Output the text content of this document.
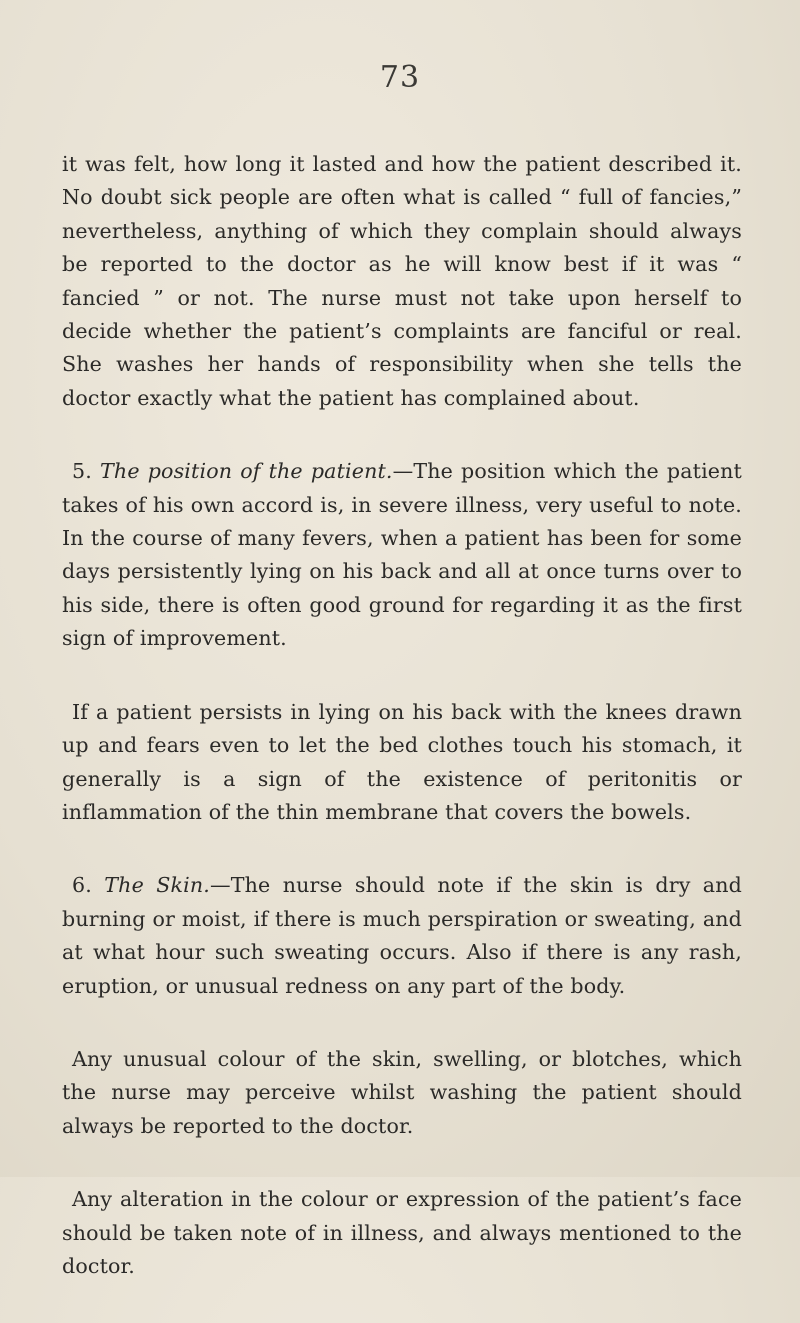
73

it was felt, how long it lasted and how the patient described it. No doubt sick people are often what is called “ full of fancies,” nevertheless, anything of which they complain should always be reported to the doctor as he will know best if it was “ fancied ” or not. The nurse must not take upon herself to decide whether the patient’s complaints are fanciful or real. She washes her hands of responsibility when she tells the doctor exactly what the patient has complained about.

5. The position of the patient.—The position which the patient takes of his own accord is, in severe illness, very useful to note. In the course of many fevers, when a patient has been for some days persistently lying on his back and all at once turns over to his side, there is often good ground for regarding it as the first sign of improvement.

If a patient persists in lying on his back with the knees drawn up and fears even to let the bed clothes touch his stomach, it generally is a sign of the existence of peritonitis or inflammation of the thin membrane that covers the bowels.

6. The Skin.—The nurse should note if the skin is dry and burning or moist, if there is much perspiration or sweating, and at what hour such sweating occurs. Also if there is any rash, eruption, or unusual redness on any part of the body.

Any unusual colour of the skin, swelling, or blotches, which the nurse may perceive whilst washing the patient should always be reported to the doctor.

Any alteration in the colour or expression of the patient’s face should be taken note of in illness, and always mentioned to the doctor.
